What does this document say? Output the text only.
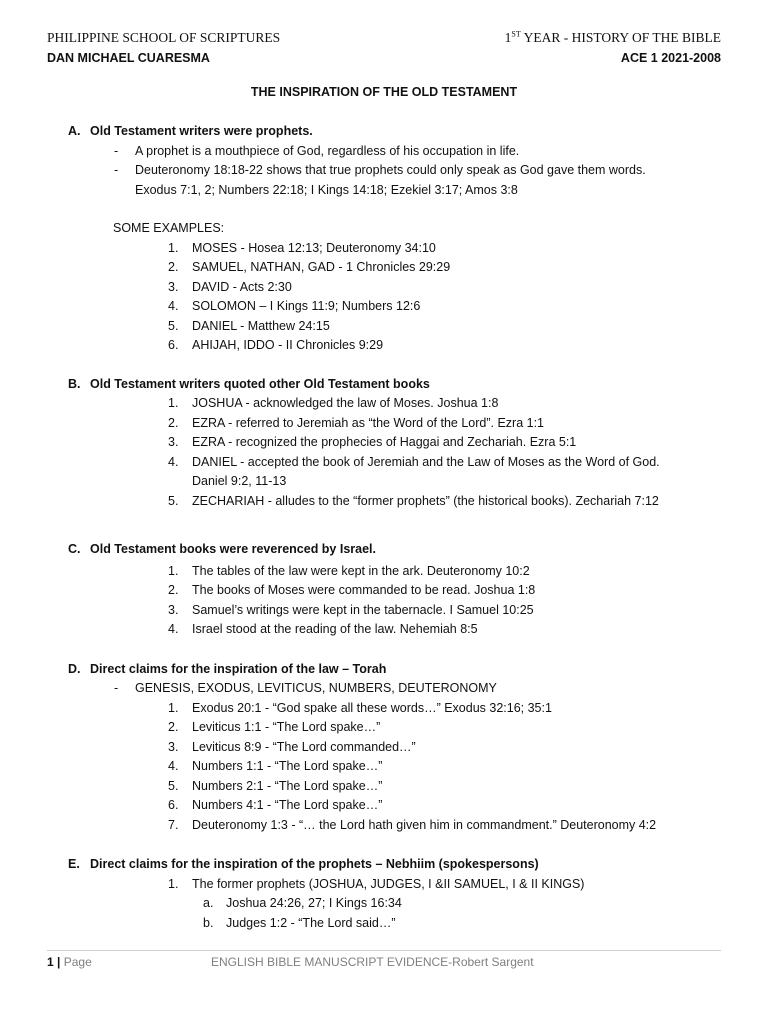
PHILIPPINE SCHOOL OF SCRIPTURES	1ST YEAR - HISTORY OF THE BIBLE
DAN MICHAEL CUARESMA	ACE 1 2021-2008
THE INSPIRATION OF THE OLD TESTAMENT
A. Old Testament writers were prophets.
- A prophet is a mouthpiece of God, regardless of his occupation in life.
- Deuteronomy 18:18-22 shows that true prophets could only speak as God gave them words.
Exodus 7:1, 2; Numbers 22:18; I Kings 14:18; Ezekiel 3:17; Amos 3:8
SOME EXAMPLES:
1. MOSES - Hosea 12:13; Deuteronomy 34:10
2. SAMUEL, NATHAN, GAD - 1 Chronicles 29:29
3. DAVID - Acts 2:30
4. SOLOMON – I Kings 11:9; Numbers 12:6
5. DANIEL - Matthew 24:15
6. AHIJAH, IDDO - II Chronicles 9:29
B. Old Testament writers quoted other Old Testament books
1. JOSHUA - acknowledged the law of Moses. Joshua 1:8
2. EZRA - referred to Jeremiah as “the Word of the Lord”. Ezra 1:1
3. EZRA - recognized the prophecies of Haggai and Zechariah. Ezra 5:1
4. DANIEL - accepted the book of Jeremiah and the Law of Moses as the Word of God.
Daniel 9:2, 11-13
5. ZECHARIAH - alludes to the “former prophets” (the historical books). Zechariah 7:12
C. Old Testament books were reverenced by Israel.
1. The tables of the law were kept in the ark. Deuteronomy 10:2
2. The books of Moses were commanded to be read. Joshua 1:8
3. Samuel’s writings were kept in the tabernacle. I Samuel 10:25
4. Israel stood at the reading of the law. Nehemiah 8:5
D. Direct claims for the inspiration of the law – Torah
- GENESIS, EXODUS, LEVITICUS, NUMBERS, DEUTERONOMY
1. Exodus 20:1 - “God spake all these words…” Exodus 32:16; 35:1
2. Leviticus 1:1 - “The Lord spake…”
3. Leviticus 8:9 - “The Lord commanded…”
4. Numbers 1:1 - “The Lord spake…”
5. Numbers 2:1 - “The Lord spake…”
6. Numbers 4:1 - “The Lord spake…”
7. Deuteronomy 1:3 - “… the Lord hath given him in commandment.” Deuteronomy 4:2
E. Direct claims for the inspiration of the prophets – Nebhiim (spokespersons)
1. The former prophets (JOSHUA, JUDGES, I &II SAMUEL, I & II KINGS)
a. Joshua 24:26, 27; I Kings 16:34
b. Judges 1:2 - “The Lord said…”
1 | Page	ENGLISH BIBLE MANUSCRIPT EVIDENCE-Robert Sargent
